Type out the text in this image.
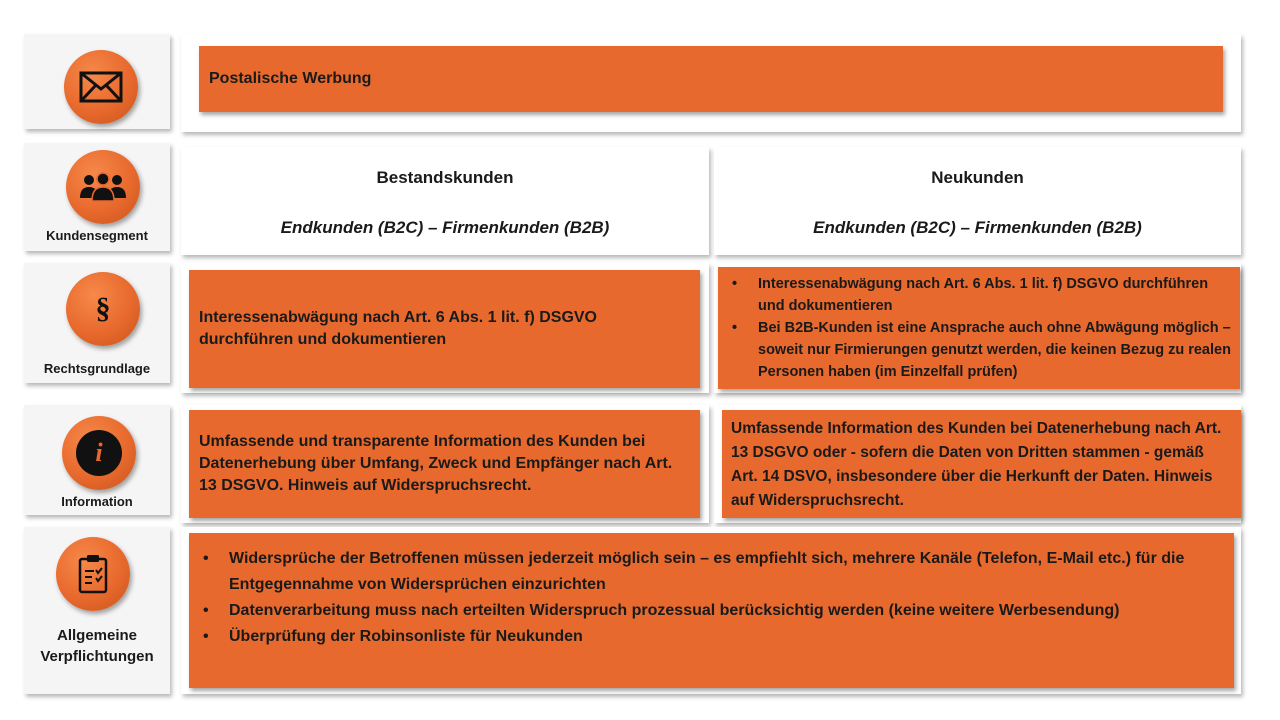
Postalische Werbung
Kundensegment
Bestandskunden
Endkunden (B2C) – Firmenkunden (B2B)
Neukunden
Endkunden (B2C) – Firmenkunden (B2B)
§
Rechtsgrundlage
Interessenabwägung nach Art. 6 Abs. 1 lit. f) DSGVO durchführen und dokumentieren
• Interessenabwägung nach Art. 6 Abs. 1 lit. f) DSGVO durchführen und dokumentieren
• Bei B2B-Kunden ist eine Ansprache auch ohne Abwägung möglich – soweit nur Firmierungen genutzt werden, die keinen Bezug zu realen Personen haben (im Einzelfall prüfen)
i
Information
Umfassende und transparente Information des Kunden bei Datenerhebung über Umfang, Zweck und Empfänger nach Art. 13 DSGVO. Hinweis auf Widerspruchsrecht.
Umfassende Information des Kunden bei Datenerhebung nach Art. 13 DSGVO oder - sofern die Daten von Dritten stammen - gemäß Art. 14 DSVO, insbesondere über die Herkunft der Daten. Hinweis auf Widerspruchsrecht.
Allgemeine Verpflichtungen
• Widersprüche der Betroffenen müssen jederzeit möglich sein – es empfiehlt sich, mehrere Kanäle (Telefon, E-Mail etc.) für die Entgegennahme von Widersprüchen einzurichten
• Datenverarbeitung muss nach erteilten Widerspruch prozessual berücksichtig werden (keine weitere Werbesendung)
• Überprüfung der Robinsonliste für Neukunden
